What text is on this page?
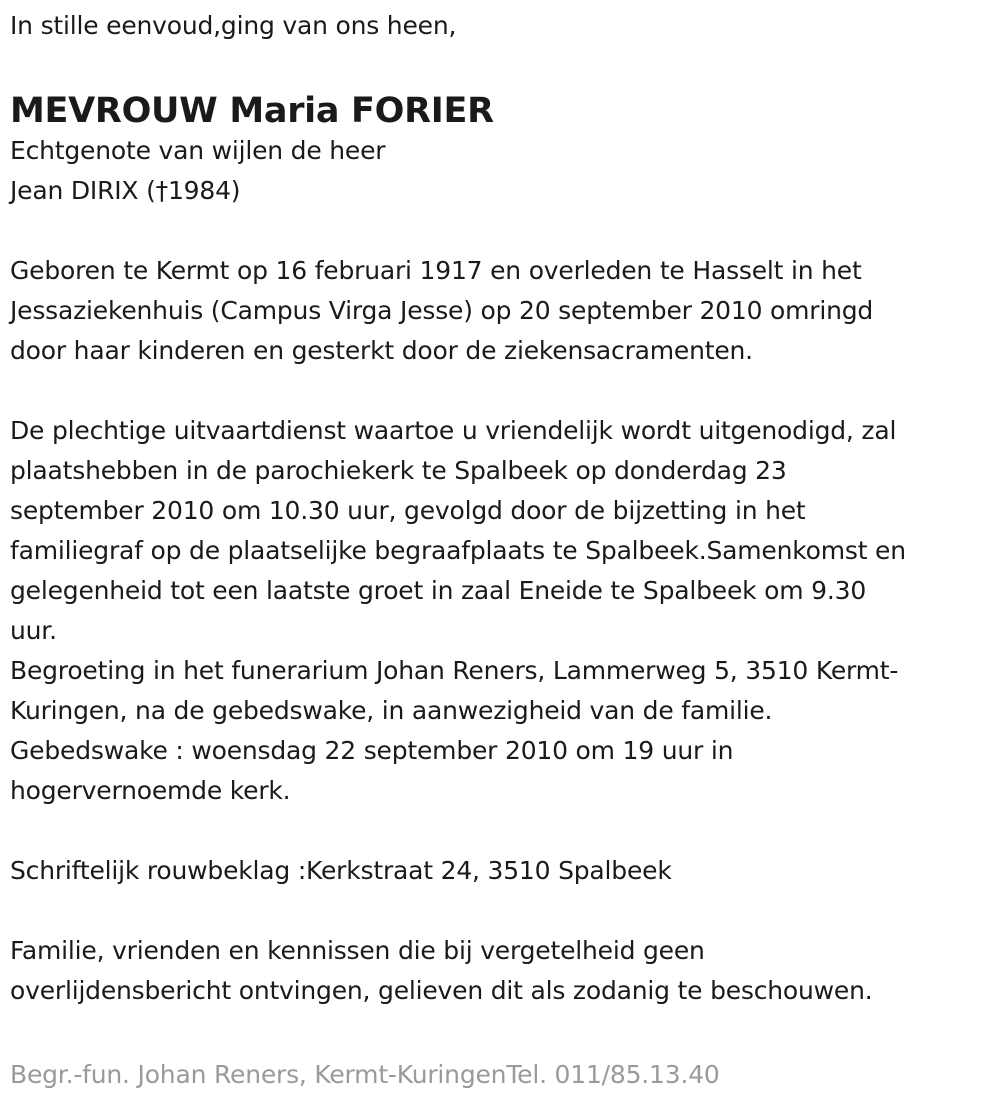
In stille eenvoud,ging van ons heen,
MEVROUW Maria FORIER
Echtgenote van wijlen de heer
Jean DIRIX (†1984)
Geboren te Kermt op 16 februari 1917 en overleden te Hasselt in het
Jessaziekenhuis (Campus Virga Jesse) op 20 september 2010 omringd
door haar kinderen en gesterkt door de ziekensacramenten.
De plechtige uitvaartdienst waartoe u vriendelijk wordt uitgenodigd, zal
plaatshebben in de parochiekerk te Spalbeek op donderdag 23
september 2010 om 10.30 uur, gevolgd door de bijzetting in het
familiegraf op de plaatselijke begraafplaats te Spalbeek.Samenkomst en
gelegenheid tot een laatste groet in zaal Eneide te Spalbeek om 9.30
uur.
Begroeting in het funerarium Johan Reners, Lammerweg 5, 3510 Kermt-
Kuringen, na de gebedswake, in aanwezigheid van de familie.
Gebedswake : woensdag 22 september 2010 om 19 uur in
hogervernoemde kerk.
Schriftelijk rouwbeklag :Kerkstraat 24, 3510 Spalbeek
Familie, vrienden en kennissen die bij vergetelheid geen
overlijdensbericht ontvingen, gelieven dit als zodanig te beschouwen.
Begr.-fun. Johan Reners, Kermt-KuringenTel. 011/85.13.40
